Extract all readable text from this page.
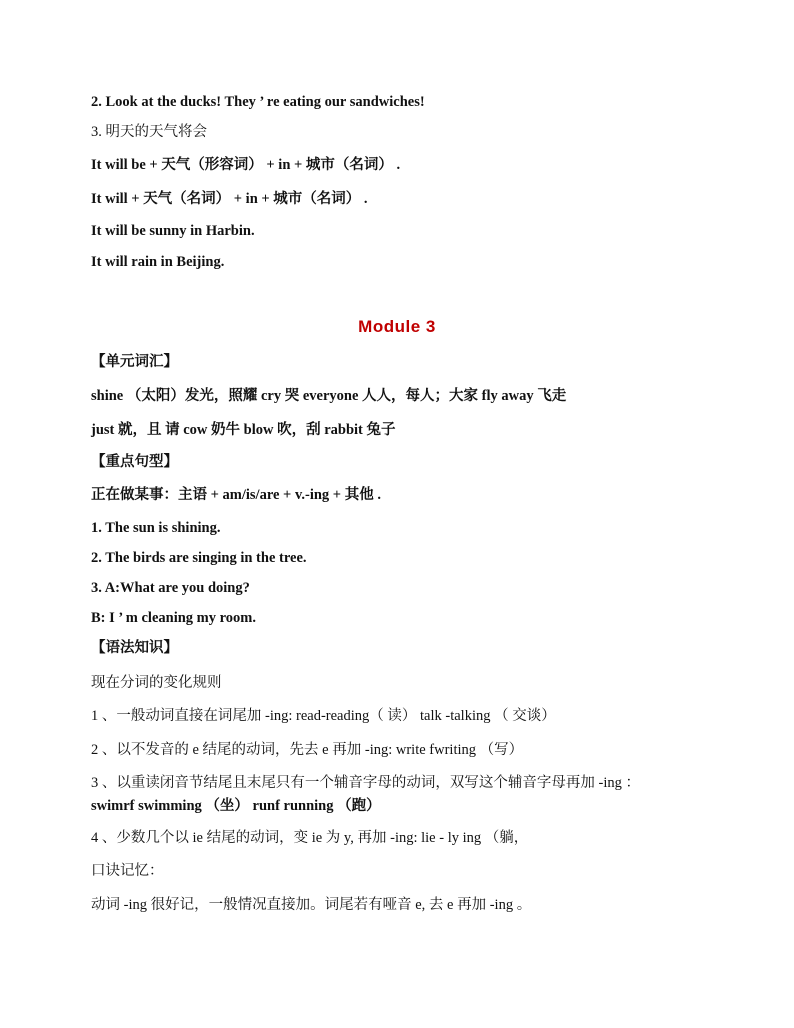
2. Look at the ducks! They ’ re eating our sandwiches!
3. 明天的天气将会
It will be + 天气（形容词） + in + 城市（名词） .
It will + 天气（名词） + in + 城市（名词） .
It will be sunny in Harbin.
It will rain in Beijing.
Module 3
【单元词汇】
shine （太阳）发光，照耀 cry 哭 everyone 人人，每人；大家 fly away 飞走
just 就，且 请 cow 奶牛 blow 吹，刮 rabbit 兔子
【重点句型】
正在做某事：主语 + am/is/are + v.-ing + 其他 .
1. The sun is shining.
2. The birds are singing in the tree.
3. A:What are you doing?
B: I ’ m cleaning my room.
【语法知识】
现在分词的变化规则
1 、一般动词直接在词尾加 -ing: read-reading（ 读） talk -talking （ 交谈）
2 、以不发音的 e 结尾的动词，先去 e 再加 -ing: write fwriting （写）
3 、以重读闭音节结尾且末尾只有一个辅音字母的动词，双写这个辅音字母再加 -ing ：
swimrf swimming （坐） runf running （跑）
4 、少数几个以 ie 结尾的动词，变 ie 为 y, 再加 -ing: lie - ly ing （躺，
口诀记忆：
动词 -ing 很好记，一般情况直接加。词尾若有哑音 e, 去 e 再加 -ing 。
